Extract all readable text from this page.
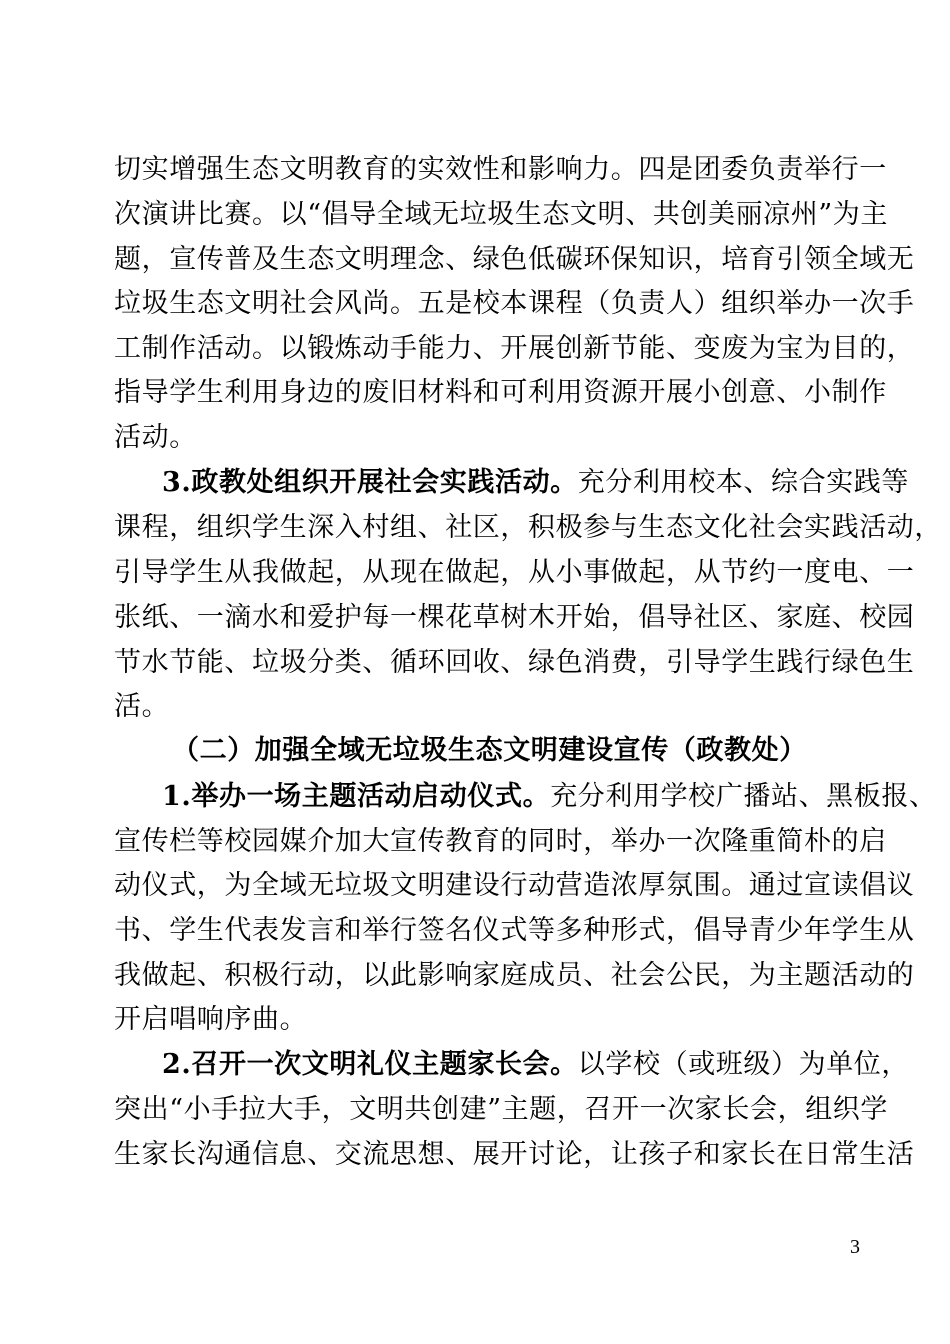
切实增强生态文明教育的实效性和影响力。四是团委负责举行一
次演讲比赛。以“倡导全域无垃圾生态文明、共创美丽凉州”为主
题，宣传普及生态文明理念、绿色低碳环保知识，培育引领全域无
垃圾生态文明社会风尚。五是校本课程（负责人）组织举办一次手
工制作活动。以锻炼动手能力、开展创新节能、变废为宝为目的，
指导学生利用身边的废旧材料和可利用资源开展小创意、小制作
活动。
3.政教处组织开展社会实践活动。充分利用校本、综合实践等
课程，组织学生深入村组、社区，积极参与生态文化社会实践活动，
引导学生从我做起，从现在做起，从小事做起，从节约一度电、一
张纸、一滴水和爱护每一棵花草树木开始，倡导社区、家庭、校园
节水节能、垃圾分类、循环回收、绿色消费，引导学生践行绿色生
活。
（二）加强全域无垃圾生态文明建设宣传（政教处）
1.举办一场主题活动启动仪式。充分利用学校广播站、黑板报、
宣传栏等校园媒介加大宣传教育的同时，举办一次隆重简朴的启
动仪式，为全域无垃圾文明建设行动营造浓厚氛围。通过宣读倡议
书、学生代表发言和举行签名仪式等多种形式，倡导青少年学生从
我做起、积极行动，以此影响家庭成员、社会公民，为主题活动的
开启唱响序曲。
2.召开一次文明礼仪主题家长会。以学校（或班级）为单位，
突出“小手拉大手，文明共创建”主题，召开一次家长会，组织学
生家长沟通信息、交流思想、展开讨论，让孩子和家长在日常生活
3
